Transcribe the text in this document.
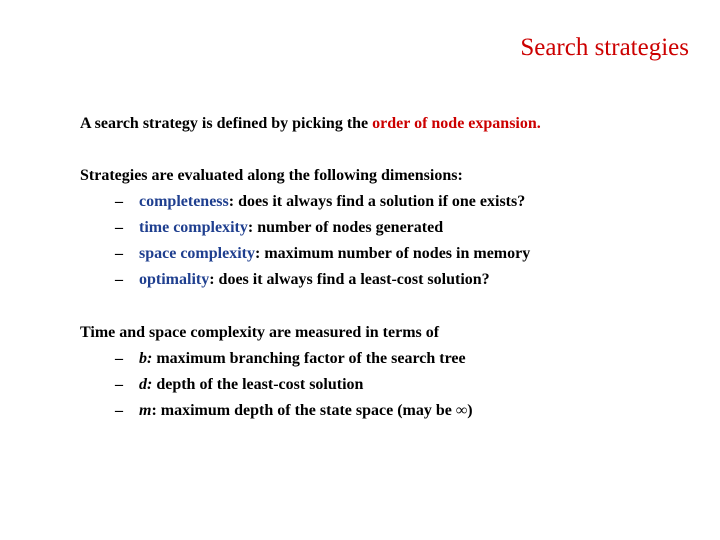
Search strategies
A search strategy is defined by picking the order of node expansion.
Strategies are evaluated along the following dimensions:
– completeness: does it always find a solution if one exists?
– time complexity: number of nodes generated
– space complexity: maximum number of nodes in memory
– optimality: does it always find a least-cost solution?
Time and space complexity are measured in terms of
– b: maximum branching factor of the search tree
– d: depth of the least-cost solution
– m: maximum depth of the state space (may be ∞)
